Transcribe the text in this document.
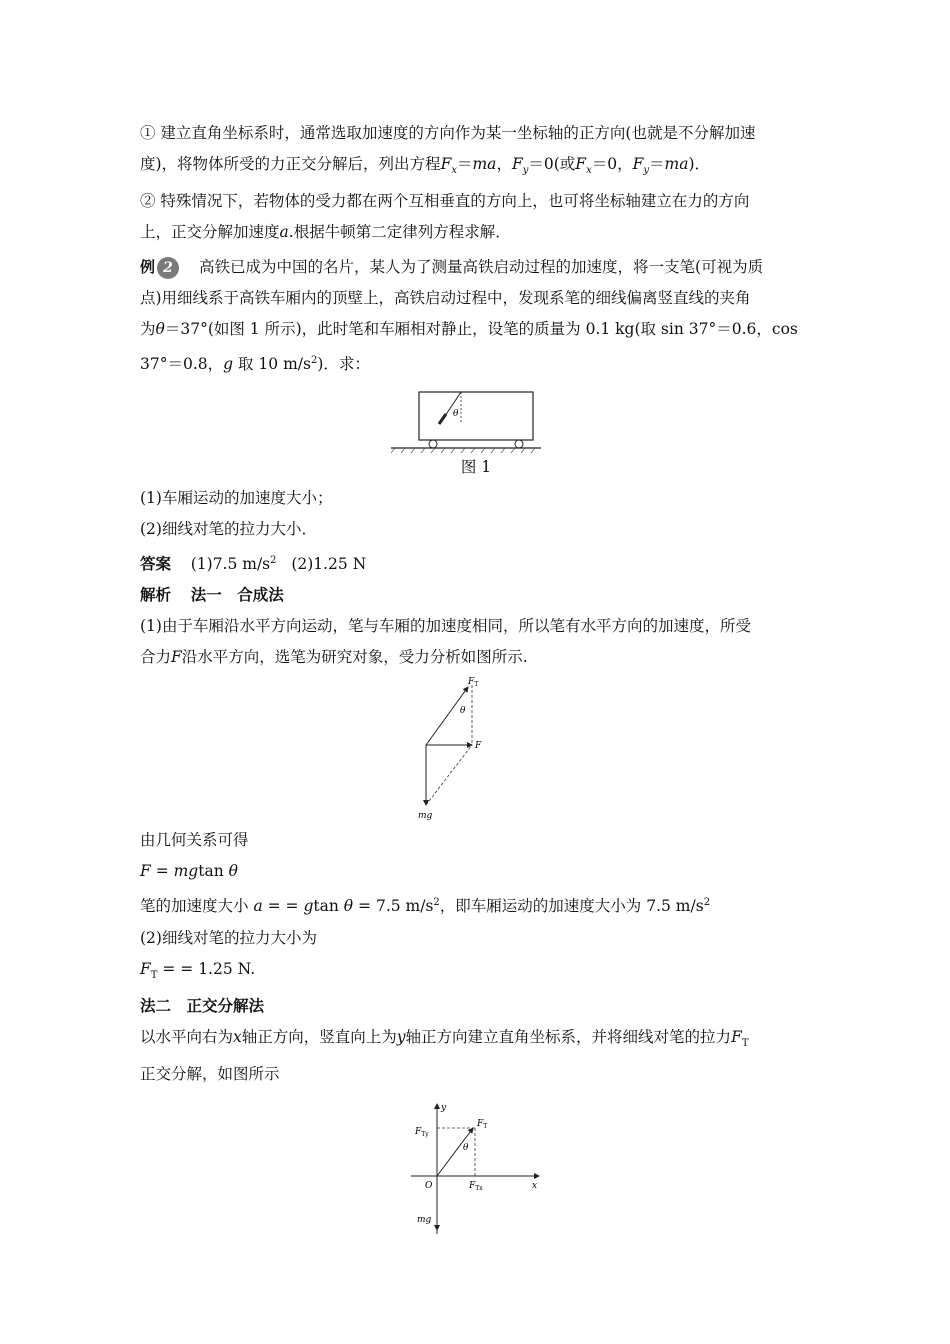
① 建立直角坐标系时，通常选取加速度的方向作为某一坐标轴的正方向(也就是不分解加速
度)，将物体所受的力正交分解后，列出方程$F_x=ma$，$F_y=0$(或$F_x=0$，$F_y=ma$)．

② 特殊情况下，若物体的受力都在两个互相垂直的方向上，也可将坐标轴建立在力的方向
上，正交分解加速度a.根据牛顿第二定律列方程求解．

例 2	高铁已成为中国的名片，某人为了测量高铁启动过程的加速度，将一支笔(可视为质
点)用细线系于高铁车厢内的顶壁上，高铁启动过程中，发现系笔的细线偏离竖直线的夹角
为θ＝37°(如图 1 所示)，此时笔和车厢相对静止，设笔的质量为 0.1 kg(取 sin 37°＝0.6，cos
37°＝0.8，g 取 10 $m/s^2$)．求：

θ

图 1

(1)车厢运动的加速度大小；

(2)细线对笔的拉力大小．

答案 (1)7.5 $m/s^2$ (2)1.25 N

解析 法一　合成法

(1)由于车厢沿水平方向运动，笔与车厢的加速度相同，所以笔有水平方向的加速度，所受
合力F沿水平方向，选笔为研究对象，受力分析如图所示.

$F_T$
θ
F
mg

由几何关系可得

F = mgtan θ

笔的加速度大小 a = = gtan θ = 7.5 $m/s^2$，即车厢运动的加速度大小为 7.5 $m/s^2$

(2)细线对笔的拉力大小为

$F_T$ = = 1.25 N.

法二　正交分解法

以水平向右为x轴正方向，竖直向上为y轴正方向建立直角坐标系，并将细线对笔的拉力$F_T$
正交分解，如图所示

y
x
O
$F_{Ty}$
$F_T$
θ
$F_{Tx}$
mg
